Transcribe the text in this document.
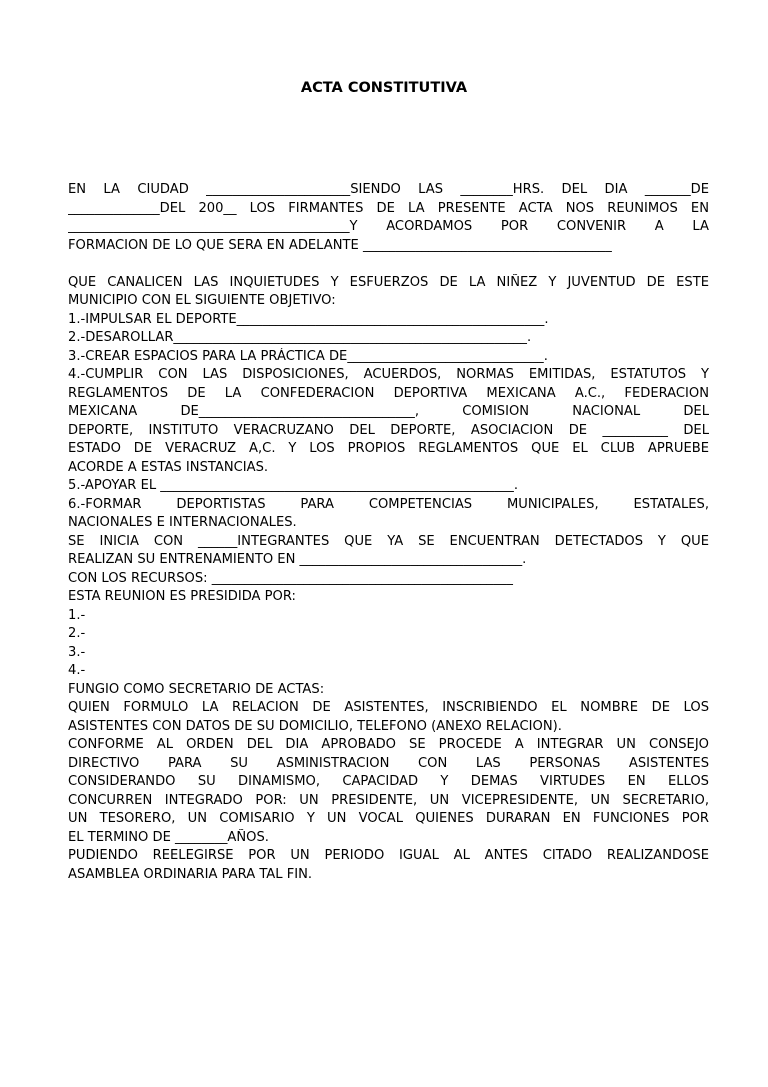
ACTA CONSTITUTIVA
EN LA CIUDAD ______________________SIENDO LAS ________HRS. DEL DIA _______DE
______________DEL 200__ LOS FIRMANTES DE LA PRESENTE ACTA NOS REUNIMOS EN
___________________________________________Y ACORDAMOS POR CONVENIR A LA
FORMACION DE LO QUE SERA EN ADELANTE ______________________________________
QUE CANALICEN LAS INQUIETUDES Y ESFUERZOS DE LA NIÑEZ Y JUVENTUD DE ESTE
MUNICIPIO CON EL SIGUIENTE OBJETIVO:
1.-IMPULSAR EL DEPORTE_______________________________________________.
2.-DESAROLLAR______________________________________________________.
3.-CREAR ESPACIOS PARA LA PRÁCTICA DE______________________________.
4.-CUMPLIR CON LAS DISPOSICIONES, ACUERDOS, NORMAS EMITIDAS, ESTATUTOS Y
REGLAMENTOS DE LA CONFEDERACION DEPORTIVA MEXICANA A.C., FEDERACION
MEXICANA DE_________________________________, COMISION NACIONAL DEL
DEPORTE, INSTITUTO VERACRUZANO DEL DEPORTE, ASOCIACION DE __________ DEL
ESTADO DE VERACRUZ A,C. Y LOS PROPIOS REGLAMENTOS QUE EL CLUB APRUEBE
ACORDE A ESTAS INSTANCIAS.
5.-APOYAR EL ______________________________________________________.
6.-FORMAR DEPORTISTAS PARA COMPETENCIAS MUNICIPALES, ESTATALES,
NACIONALES E INTERNACIONALES.
SE INICIA CON ______INTEGRANTES QUE YA SE ENCUENTRAN DETECTADOS Y QUE
REALIZAN SU ENTRENAMIENTO EN __________________________________.
CON LOS RECURSOS: ______________________________________________
ESTA REUNION ES PRESIDIDA POR:
1.-
2.-
3.-
4.-
FUNGIO COMO SECRETARIO DE ACTAS:
QUIEN FORMULO LA RELACION DE ASISTENTES, INSCRIBIENDO EL NOMBRE DE LOS
ASISTENTES CON DATOS DE SU DOMICILIO, TELEFONO (ANEXO RELACION).
CONFORME AL ORDEN DEL DIA APROBADO SE PROCEDE A INTEGRAR UN CONSEJO
DIRECTIVO PARA SU ASMINISTRACION CON LAS PERSONAS ASISTENTES
CONSIDERANDO SU DINAMISMO, CAPACIDAD Y DEMAS VIRTUDES EN ELLOS
CONCURREN INTEGRADO POR: UN PRESIDENTE, UN VICEPRESIDENTE, UN SECRETARIO,
UN TESORERO, UN COMISARIO Y UN VOCAL QUIENES DURARAN EN FUNCIONES POR
EL TERMINO DE ________AÑOS.
PUDIENDO REELEGIRSE POR UN PERIODO IGUAL AL ANTES CITADO REALIZANDOSE
ASAMBLEA ORDINARIA PARA TAL FIN.
